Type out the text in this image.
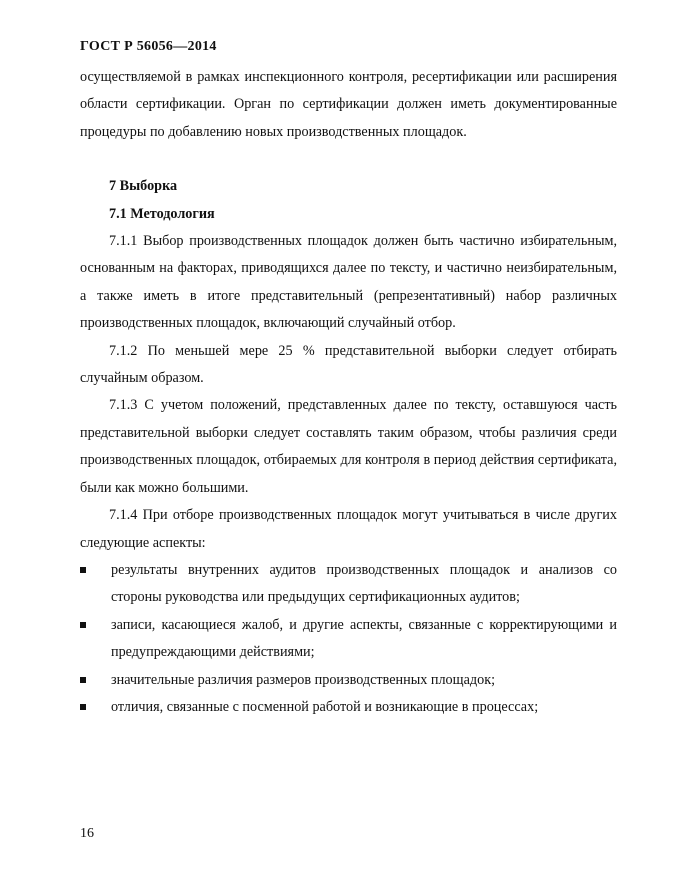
ГОСТ Р 56056—2014

осуществляемой в рамках инспекционного контроля, ресертификации или расширения области сертификации. Орган по сертификации должен иметь документированные процедуры по добавлению новых производственных площадок.

7 Выборка

7.1 Методология

7.1.1 Выбор производственных площадок должен быть частично избирательным, основанным на факторах, приводящихся далее по тексту, и частично неизбирательным, а также иметь в итоге представительный (репрезентативный) набор различных производственных площадок, включающий случайный отбор.

7.1.2 По меньшей мере 25 % представительной выборки следует отбирать случайным образом.

7.1.3 С учетом положений, представленных далее по тексту, оставшуюся часть представительной выборки следует составлять таким образом, чтобы различия среди производственных площадок, отбираемых для контроля в период действия сертификата, были как можно большими.

7.1.4 При отборе производственных площадок могут учитываться в числе других следующие аспекты:

результаты внутренних аудитов производственных площадок и анализов со стороны руководства или предыдущих сертификационных аудитов;
записи, касающиеся жалоб, и другие аспекты, связанные с корректирующими и предупреждающими действиями;
значительные различия размеров производственных площадок;
отличия, связанные с посменной работой и возникающие в процессах;
16
